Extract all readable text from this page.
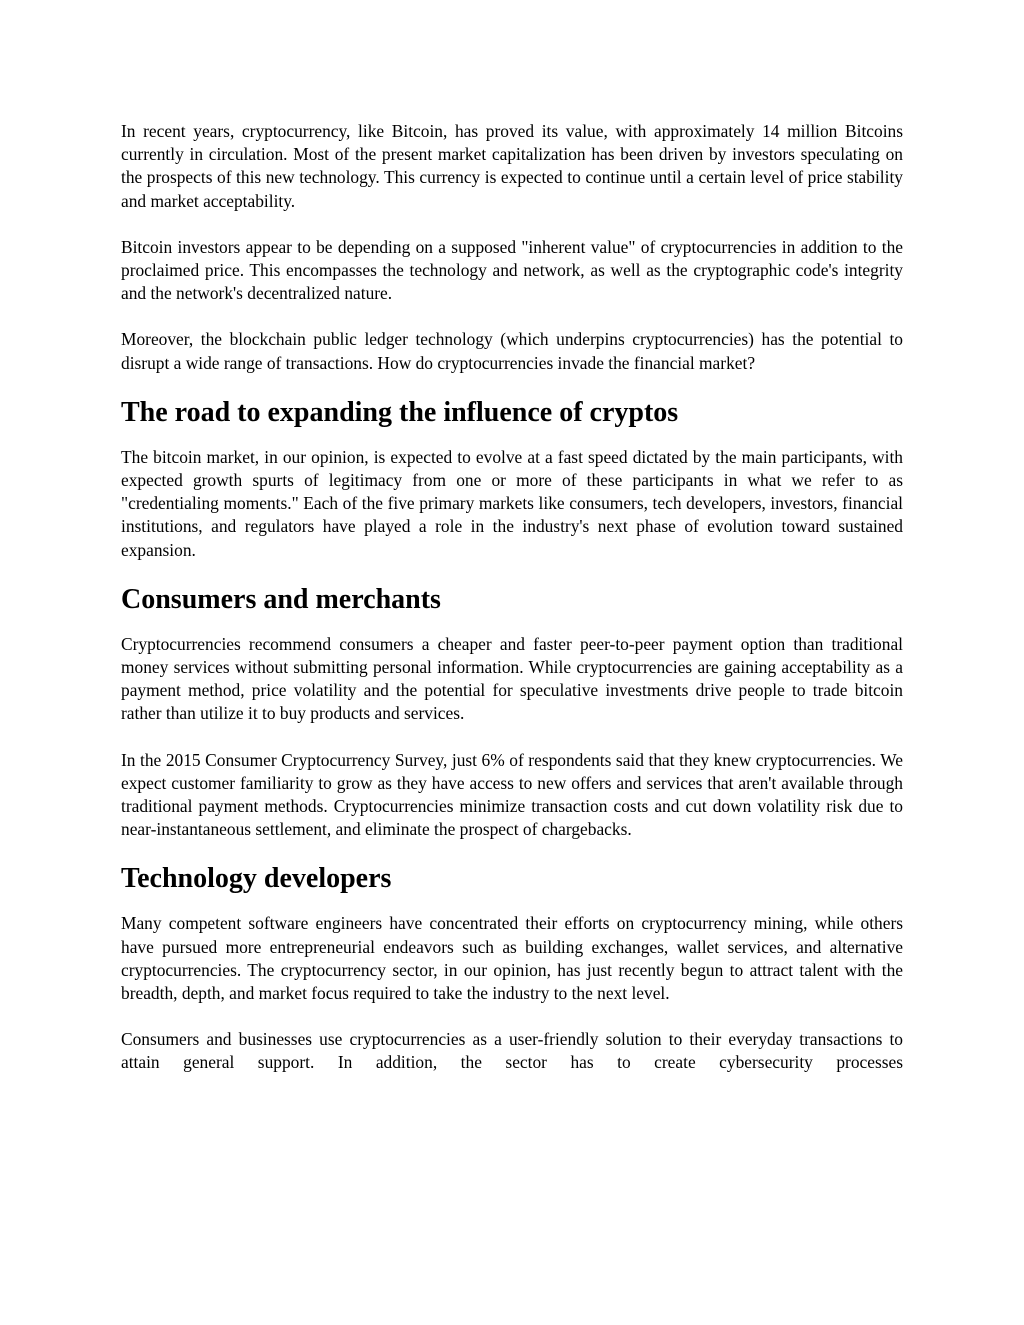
In recent years, cryptocurrency, like Bitcoin, has proved its value, with approximately 14 million Bitcoins currently in circulation. Most of the present market capitalization has been driven by investors speculating on the prospects of this new technology. This currency is expected to continue until a certain level of price stability and market acceptability.

Bitcoin investors appear to be depending on a supposed "inherent value" of cryptocurrencies in addition to the proclaimed price. This encompasses the technology and network, as well as the cryptographic code's integrity and the network's decentralized nature.

Moreover, the blockchain public ledger technology (which underpins cryptocurrencies) has the potential to disrupt a wide range of transactions. How do cryptocurrencies invade the financial market?

The road to expanding the influence of cryptos

The bitcoin market, in our opinion, is expected to evolve at a fast speed dictated by the main participants, with expected growth spurts of legitimacy from one or more of these participants in what we refer to as "credentialing moments." Each of the five primary markets like consumers, tech developers, investors, financial institutions, and regulators have played a role in the industry's next phase of evolution toward sustained expansion.

Consumers and merchants

Cryptocurrencies recommend consumers a cheaper and faster peer-to-peer payment option than traditional money services without submitting personal information. While cryptocurrencies are gaining acceptability as a payment method, price volatility and the potential for speculative investments drive people to trade bitcoin rather than utilize it to buy products and services.

In the 2015 Consumer Cryptocurrency Survey, just 6% of respondents said that they knew cryptocurrencies. We expect customer familiarity to grow as they have access to new offers and services that aren't available through traditional payment methods. Cryptocurrencies minimize transaction costs and cut down volatility risk due to near-instantaneous settlement, and eliminate the prospect of chargebacks.

Technology developers

Many competent software engineers have concentrated their efforts on cryptocurrency mining, while others have pursued more entrepreneurial endeavors such as building exchanges, wallet services, and alternative cryptocurrencies. The cryptocurrency sector, in our opinion, has just recently begun to attract talent with the breadth, depth, and market focus required to take the industry to the next level.

Consumers and businesses use cryptocurrencies as a user-friendly solution to their everyday transactions to attain general support. In addition, the sector has to create cybersecurity processes
